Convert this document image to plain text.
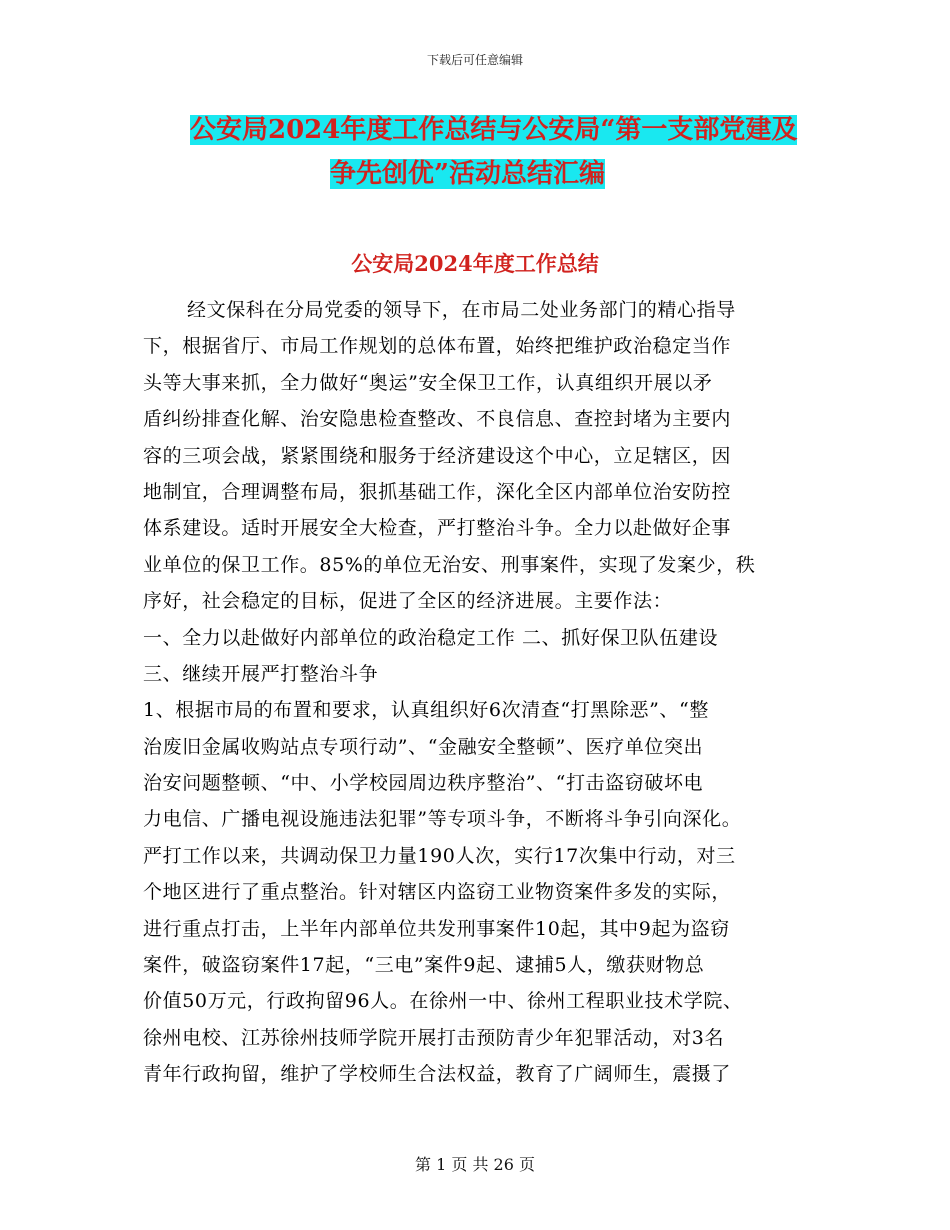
下载后可任意编辑
公安局2024年度工作总结与公安局“第一支部党建及
争先创优”活动总结汇编
公安局2024年度工作总结
经文保科在分局党委的领导下，在市局二处业务部门的精心指导
下，根据省厅、市局工作规划的总体布置，始终把维护政治稳定当作
头等大事来抓，全力做好“奥运”安全保卫工作，认真组织开展以矛
盾纠纷排查化解、治安隐患检查整改、不良信息、查控封堵为主要内
容的三项会战，紧紧围绕和服务于经济建设这个中心，立足辖区，因
地制宜，合理调整布局，狠抓基础工作，深化全区内部单位治安防控
体系建设。适时开展安全大检查，严打整治斗争。全力以赴做好企事
业单位的保卫工作。85%的单位无治安、刑事案件，实现了发案少，秩
序好，社会稳定的目标，促进了全区的经济进展。主要作法：
一、全力以赴做好内部单位的政治稳定工作 二、抓好保卫队伍建设
三、继续开展严打整治斗争
1、根据市局的布置和要求，认真组织好6次清查“打黑除恶”、“整
治废旧金属收购站点专项行动”、“金融安全整顿”、医疗单位突出
治安问题整顿、“中、小学校园周边秩序整治”、“打击盗窃破坏电
力电信、广播电视设施违法犯罪”等专项斗争，不断将斗争引向深化。
严打工作以来，共调动保卫力量190人次，实行17次集中行动，对三
个地区进行了重点整治。针对辖区内盗窃工业物资案件多发的实际，
进行重点打击，上半年内部单位共发刑事案件10起，其中9起为盗窃
案件，破盗窃案件17起，“三电”案件9起、逮捕5人，缴获财物总
价值50万元，行政拘留96人。在徐州一中、徐州工程职业技术学院、
徐州电校、江苏徐州技师学院开展打击预防青少年犯罪活动，对3名
青年行政拘留，维护了学校师生合法权益，教育了广阔师生，震摄了
第 1 页 共 26 页
